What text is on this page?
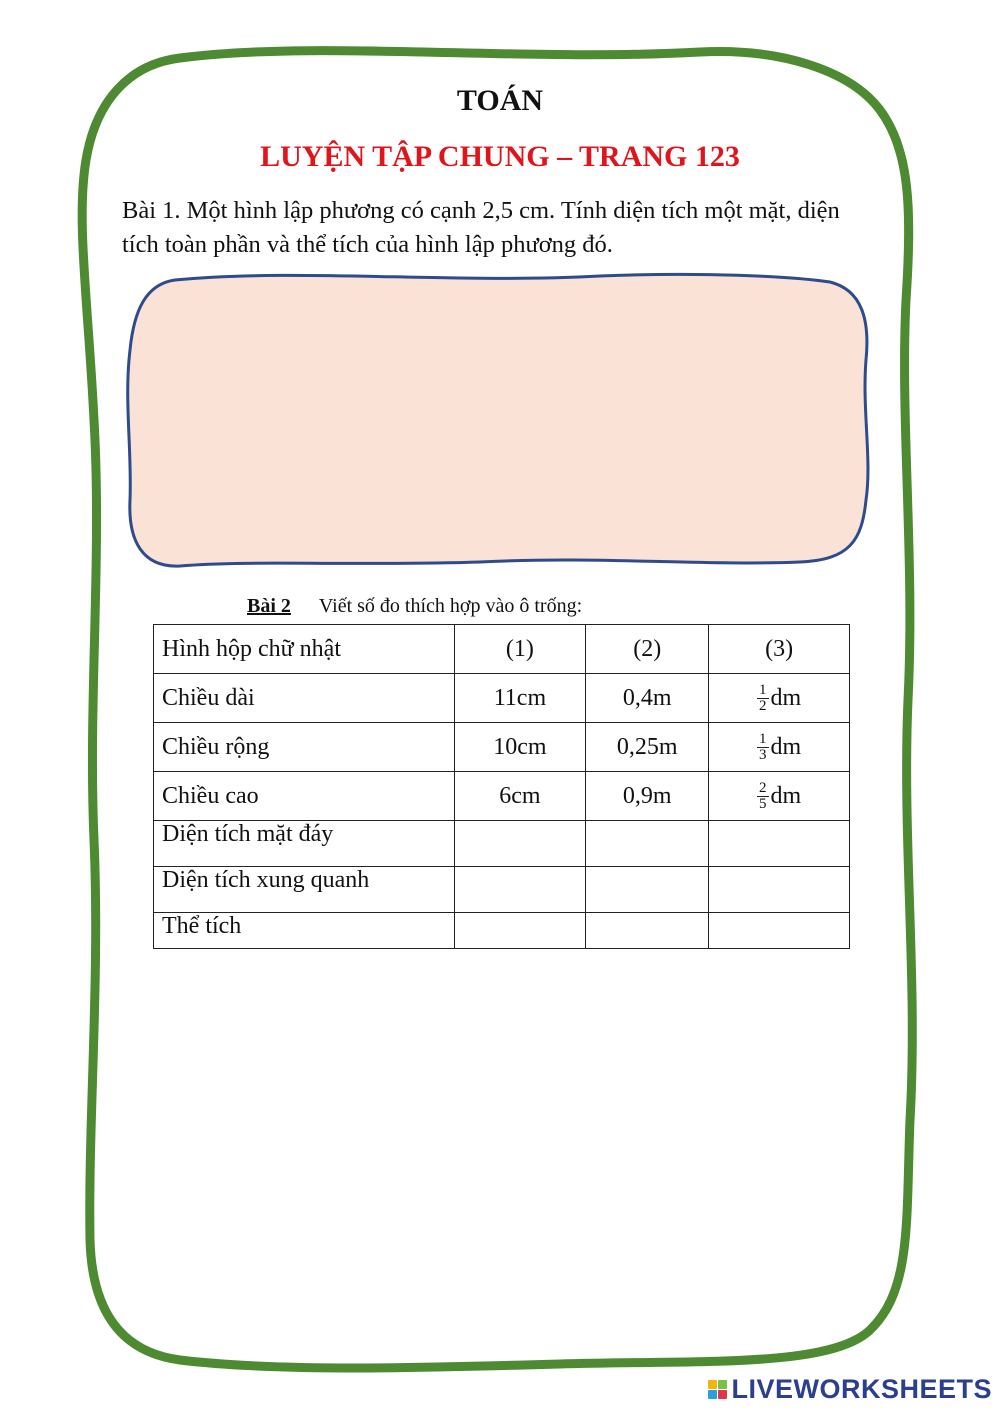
TOÁN
LUYỆN TẬP CHUNG – TRANG 123
Bài 1. Một hình lập phương có cạnh 2,5 cm. Tính diện tích một mặt, diện tích toàn phần và thể tích của hình lập phương đó.
Bài 2 Viết số đo thích hợp vào ô trống:
Hình hộp chữ nhật	(1)	(2)	(3)
Chiều dài	11cm	0,4m	$\frac{1}{2}$ dm
Chiều rộng	10cm	0,25m	$\frac{1}{3}$ dm
Chiều cao	6cm	0,9m	$\frac{2}{5}$ dm
Diện tích mặt đáy			
Diện tích xung quanh			
Thể tích			
LIVEWORKSHEETS
